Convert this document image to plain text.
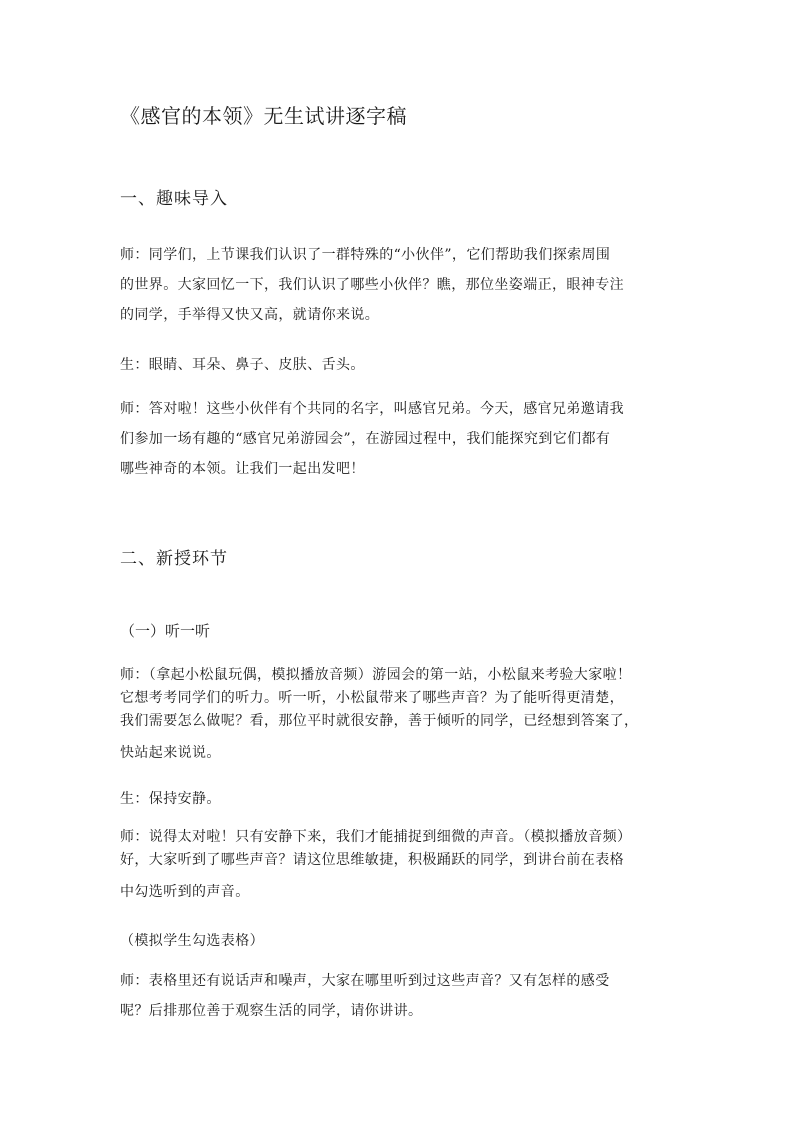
《感官的本领》无生试讲逐字稿
一、趣味导入
师：同学们，上节课我们认识了一群特殊的“小伙伴”，它们帮助我们探索周围
的世界。大家回忆一下，我们认识了哪些小伙伴？瞧，那位坐姿端正，眼神专注
的同学，手举得又快又高，就请你来说。
生：眼睛、耳朵、鼻子、皮肤、舌头。
师：答对啦！这些小伙伴有个共同的名字，叫感官兄弟。今天，感官兄弟邀请我
们参加一场有趣的“感官兄弟游园会”，在游园过程中，我们能探究到它们都有
哪些神奇的本领。让我们一起出发吧！
二、新授环节
（一）听一听
师：（拿起小松鼠玩偶，模拟播放音频）游园会的第一站，小松鼠来考验大家啦！
它想考考同学们的听力。听一听，小松鼠带来了哪些声音？为了能听得更清楚，
我们需要怎么做呢？看，那位平时就很安静，善于倾听的同学，已经想到答案了，
快站起来说说。
生：保持安静。
师：说得太对啦！只有安静下来，我们才能捕捉到细微的声音。（模拟播放音频）
好，大家听到了哪些声音？请这位思维敏捷，积极踊跃的同学，到讲台前在表格
中勾选听到的声音。
（模拟学生勾选表格）
师：表格里还有说话声和噪声，大家在哪里听到过这些声音？又有怎样的感受
呢？后排那位善于观察生活的同学，请你讲讲。
